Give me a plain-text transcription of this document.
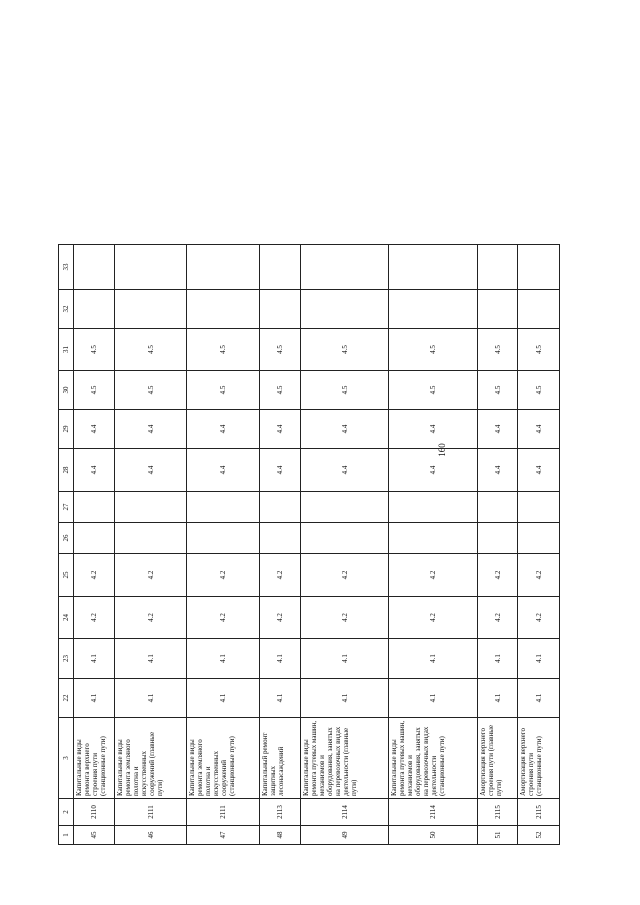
160
1	2	3	22	23	24	25	26	27	28	29	30	31	32	33
45	2110	Капитальные виды ремонта верхнего строения пути (станционные пути)	4.1	4.1	4.2	4.2			4.4	4.4	4.5	4.5		
46	2111	Капитальные виды ремонта земляного полотна и искусственных сооружений (главные пути)	4.1	4.1	4.2	4.2			4.4	4.4	4.5	4.5		
47	2111	Капитальные виды ремонта земляного полотна и искусственных сооружений (станционные пути)	4.1	4.1	4.2	4.2			4.4	4.4	4.5	4.5		
48	2113	Капитальный ремонт защитных лесонасаждений	4.1	4.1	4.2	4.2			4.4	4.4	4.5	4.5		
49	2114	Капитальные виды ремонта путевых машин, механизмов и оборудования, занятых на перевозочных видах деятельности (главные пути)	4.1	4.1	4.2	4.2			4.4	4.4	4.5	4.5		
50	2114	Капитальные виды ремонта путевых машин, механизмов и оборудования, занятых на перевозочных видах деятельности (станционные пути)	4.1	4.1	4.2	4.2			4.4	4.4	4.5	4.5		
51	2115	Амортизация верхнего строения пути (главные пути)	4.1	4.1	4.2	4.2			4.4	4.4	4.5	4.5		
52	2115	Амортизация верхнего строения пути (станционные пути)	4.1	4.1	4.2	4.2			4.4	4.4	4.5	4.5		
